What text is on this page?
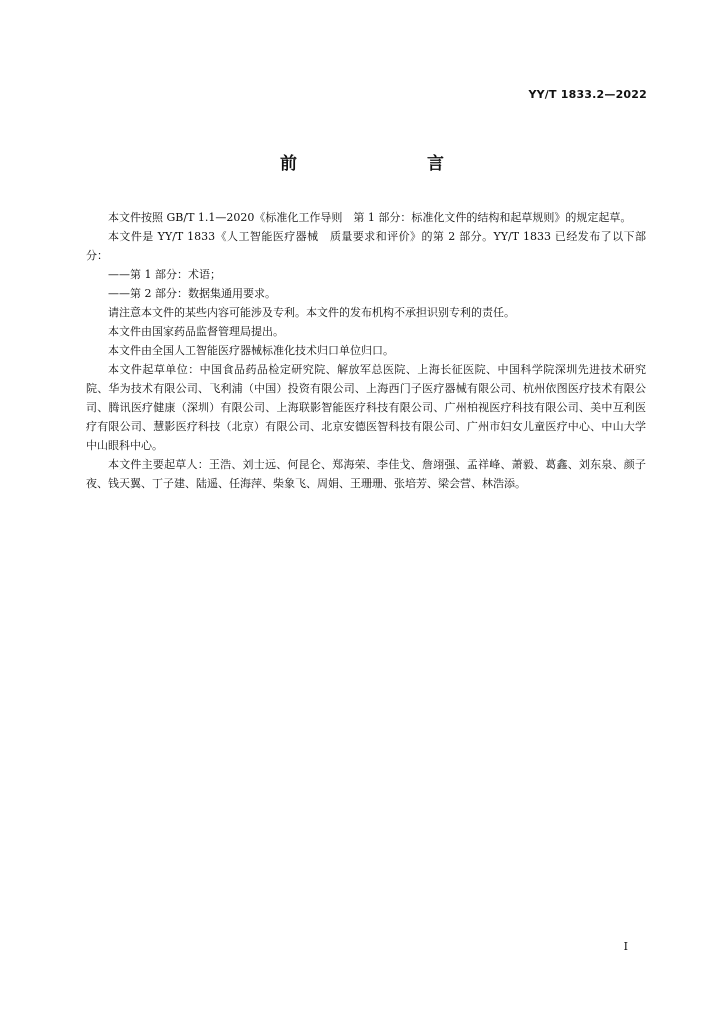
YY/T 1833.2—2022
前　　言

本文件按照 GB/T 1.1—2020《标准化工作导则　第 1 部分：标准化文件的结构和起草规则》的规定起草。

本文件是 YY/T 1833《人工智能医疗器械　质量要求和评价》的第 2 部分。YY/T 1833 已经发布了以下部分：

——第 1 部分：术语；

——第 2 部分：数据集通用要求。

请注意本文件的某些内容可能涉及专利。本文件的发布机构不承担识别专利的责任。

本文件由国家药品监督管理局提出。

本文件由全国人工智能医疗器械标准化技术归口单位归口。

本文件起草单位：中国食品药品检定研究院、解放军总医院、上海长征医院、中国科学院深圳先进技术研究院、华为技术有限公司、飞利浦（中国）投资有限公司、上海西门子医疗器械有限公司、杭州依图医疗技术有限公司、腾讯医疗健康（深圳）有限公司、上海联影智能医疗科技有限公司、广州柏视医疗科技有限公司、美中互利医疗有限公司、慧影医疗科技（北京）有限公司、北京安德医智科技有限公司、广州市妇女儿童医疗中心、中山大学中山眼科中心。

本文件主要起草人：王浩、刘士远、何昆仑、郑海荣、李佳戈、詹翊强、孟祥峰、萧毅、葛鑫、刘东泉、颜子夜、钱天翼、丁子建、陆遥、任海萍、柴象飞、周娟、王珊珊、张培芳、梁会营、林浩添。

I
